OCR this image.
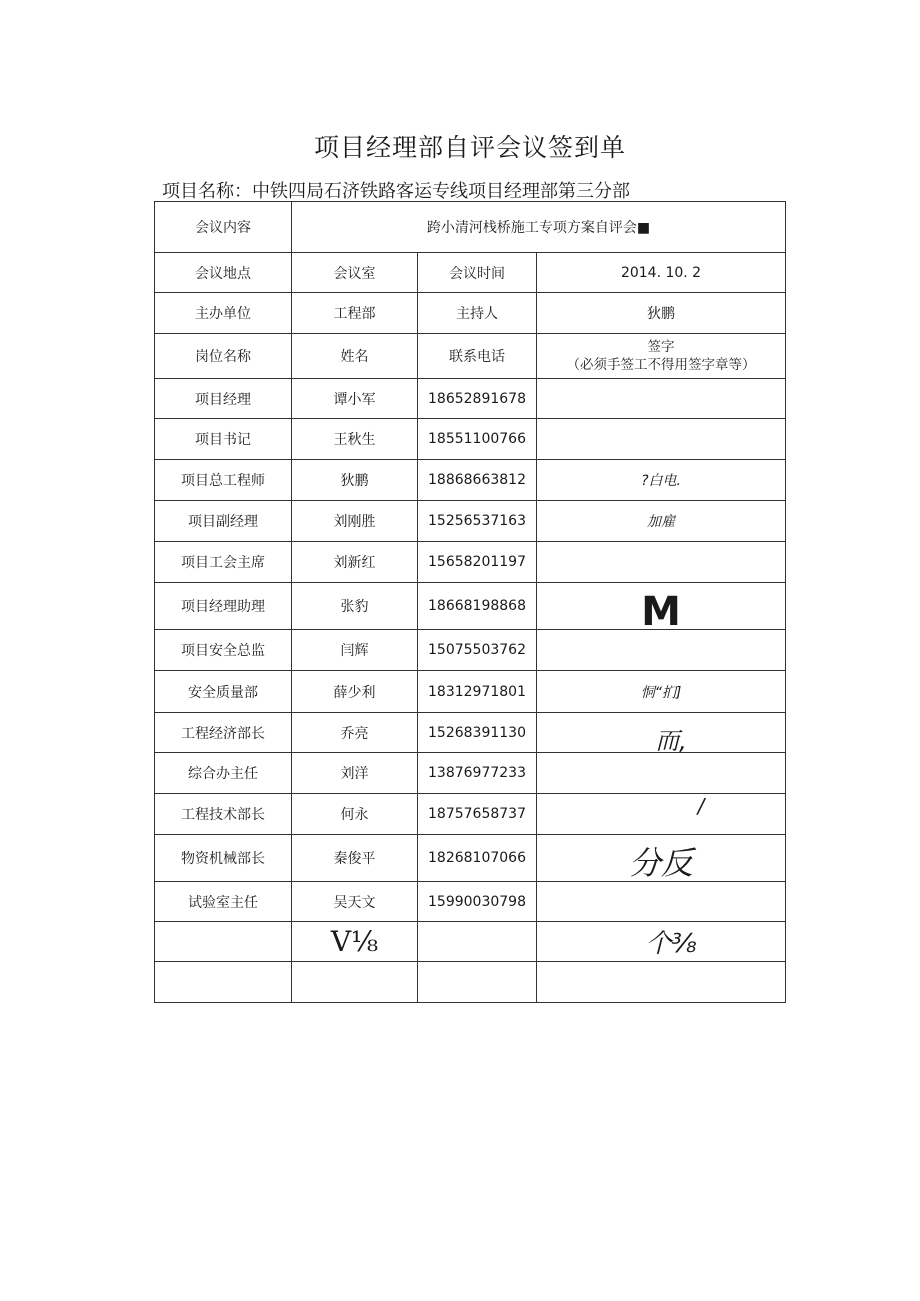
项目经理部自评会议签到单
项目名称：中铁四局石济铁路客运专线项目经理部第三分部
会议内容	跨小清河栈桥施工专项方案自评会■		
会议地点	会议室	会议时间	2014. 10. 2
主办单位	工程部	主持人	狄鹏
岗位名称	姓名	联系电话	签字
（必须手签工不得用签字章等）

项目经理	谭小军	18652891678	
项目书记	王秋生	18551100766	
项目总工程师	狄鹏	18868663812	?白电.
项目副经理	刘刚胜	15256537163	加雇
项目工会主席	刘新红	15658201197	
项目经理助理	张豹	18668198868	M
项目安全总监	闫辉	15075503762	
安全质量部	薛少利	18312971801	恫“扪]
工程经济部长	乔亮	15268391130	而,
综合办主任	刘洋	13876977233	
工程技术部长	何永	18757658737	/
物资机械部长	秦俊平	18268107066	分反
试验室主任	吴天文	15990030798	
	V⅛		个⅜
